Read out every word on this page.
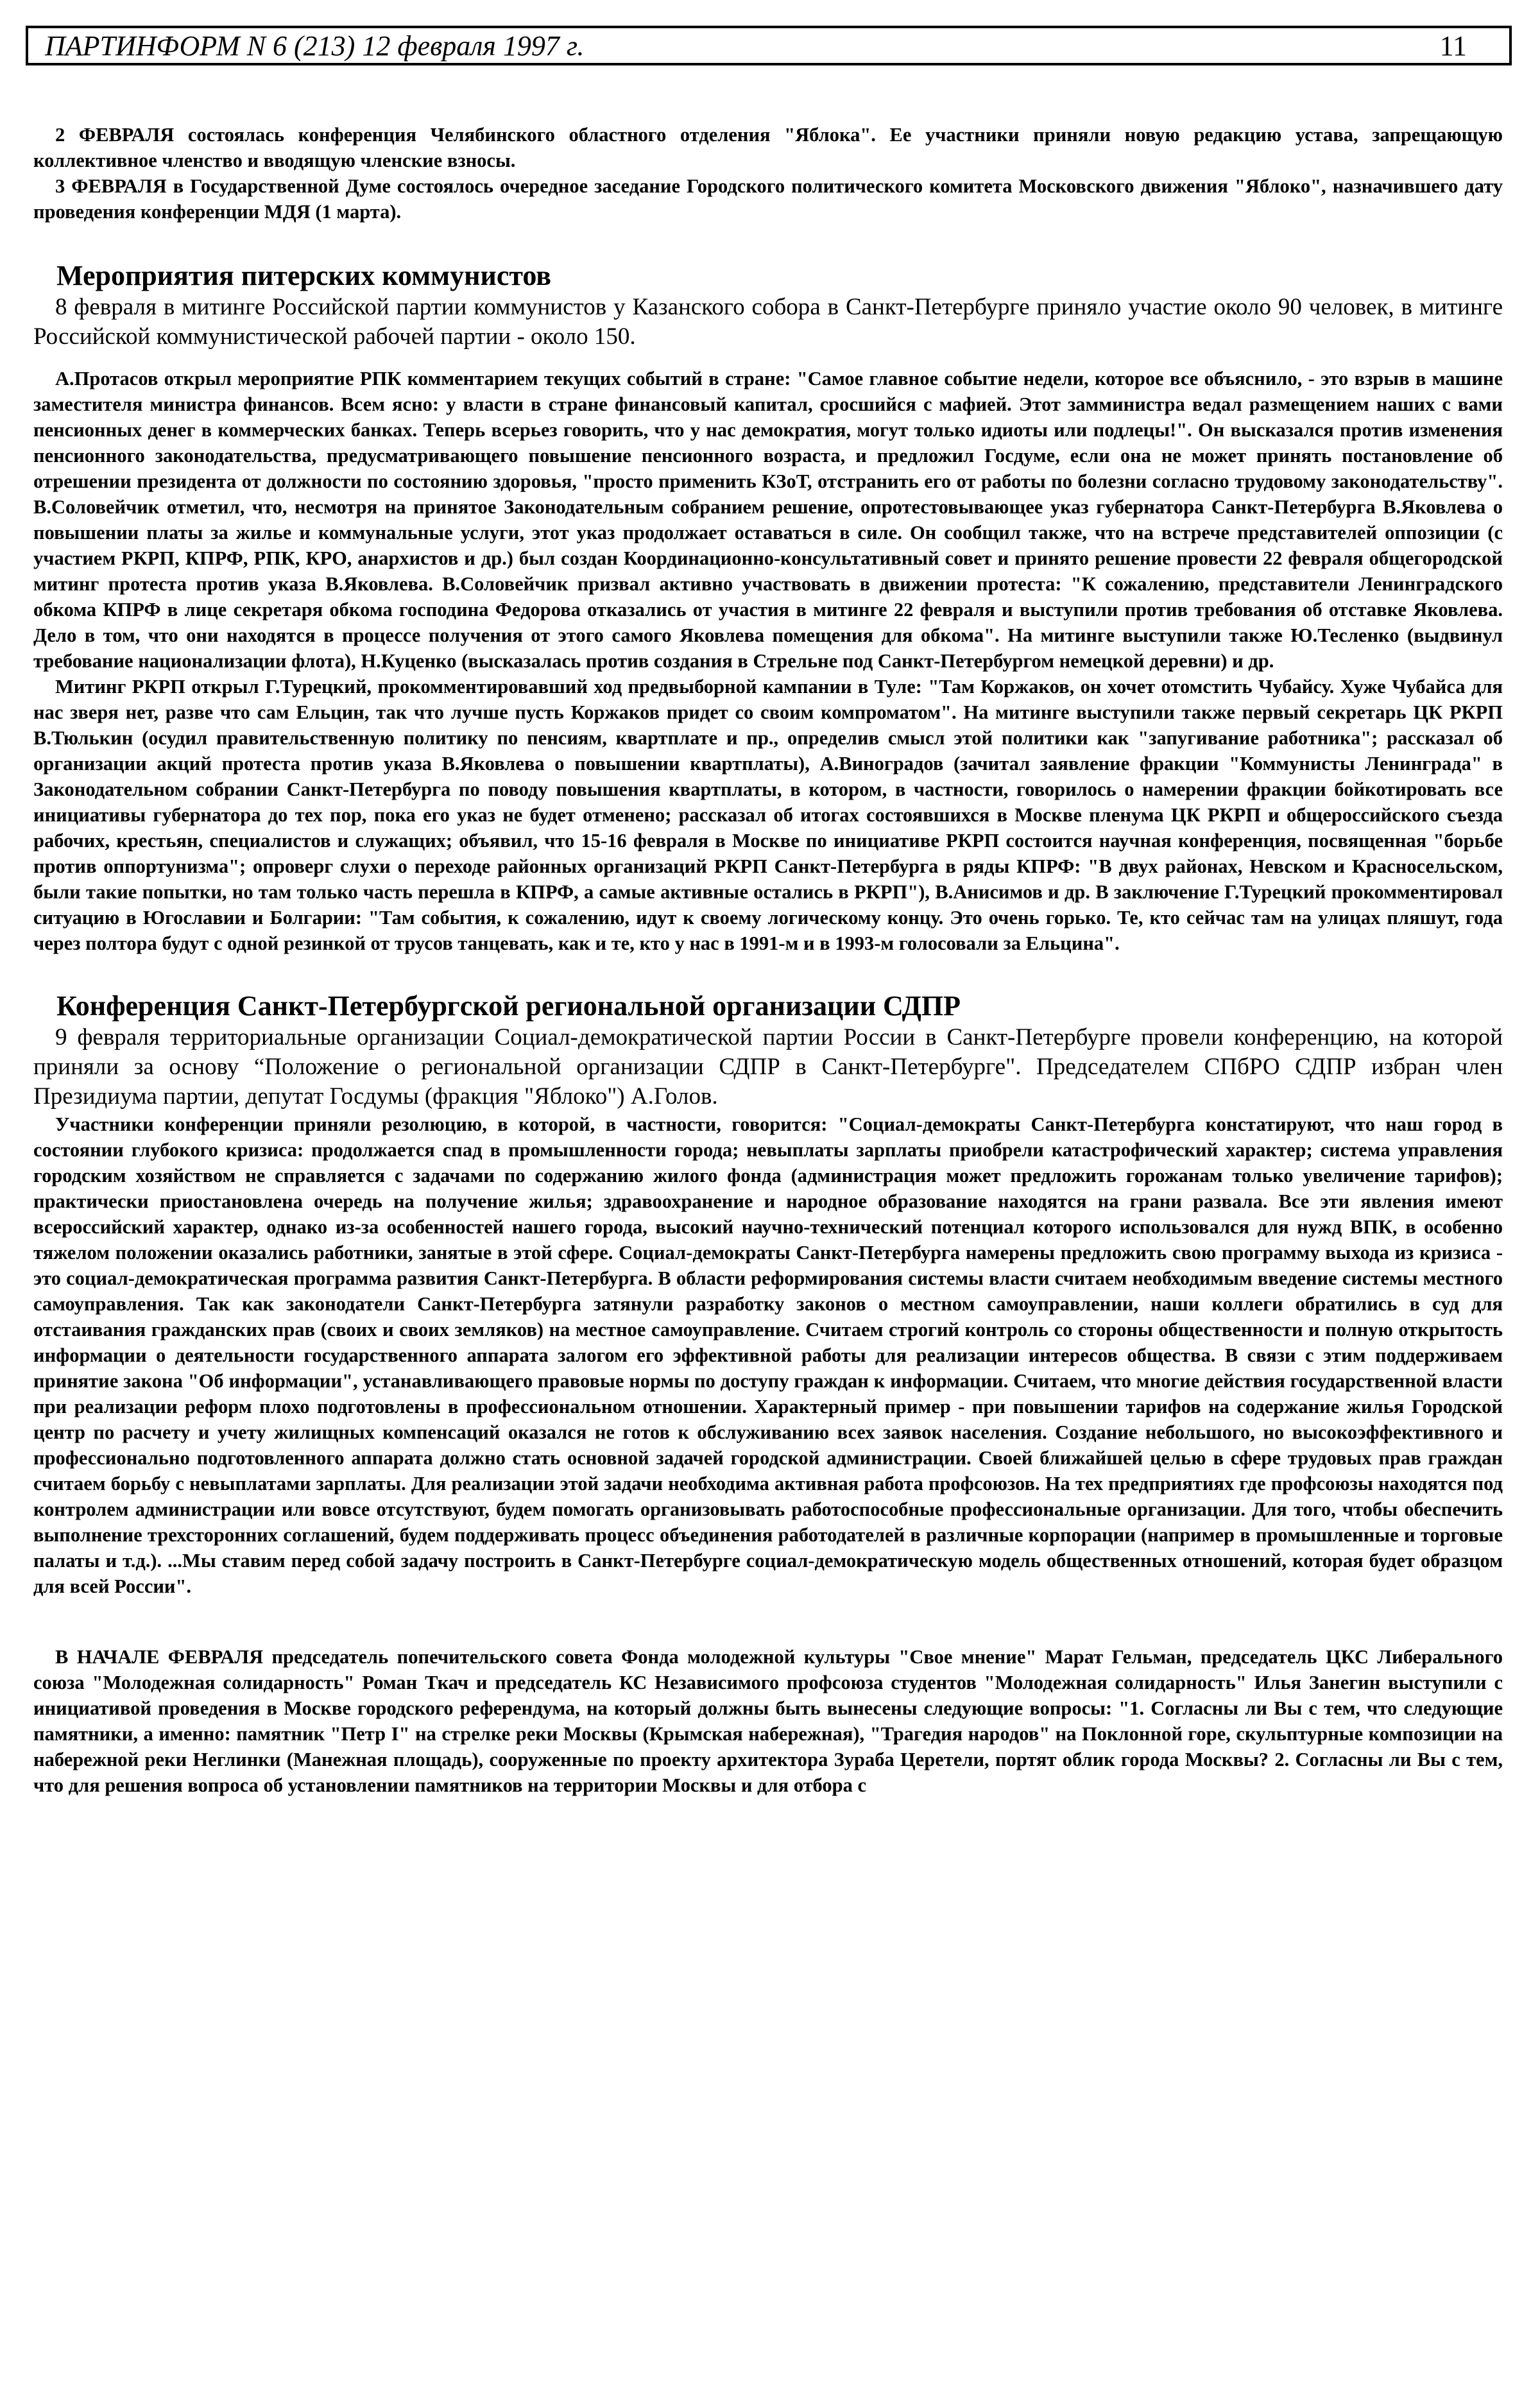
ПАРТИНФОРМ N 6 (213) 12 февраля 1997 г.	11

2 ФЕВРАЛЯ состоялась конференция Челябинского областного отделения "Яблока". Ее участники приняли новую редакцию устава, запрещающую коллективное членство и вводящую членские взносы.

3 ФЕВРАЛЯ в Государственной Думе состоялось очередное заседание Городского политического комитета Московского движения "Яблоко", назначившего дату проведения конференции МДЯ (1 марта).

Мероприятия питерских коммунистов

8 февраля в митинге Российской партии коммунистов у Казанского собора в Санкт-Петербурге приняло участие около 90 человек, в митинге Российской коммунистической рабочей партии - около 150.

А.Протасов открыл мероприятие РПК комментарием текущих событий в стране: "Самое главное событие недели, которое все объяснило, - это взрыв в машине заместителя министра финансов. Всем ясно: у власти в стране финансовый капитал, сросшийся с мафией. Этот замминистра ведал размещением наших с вами пенсионных денег в коммерческих банках. Теперь всерьез говорить, что у нас демократия, могут только идиоты или подлецы!". Он высказался против изменения пенсионного законодательства, предусматривающего повышение пенсионного возраста, и предложил Госдуме, если она не может принять постановление об отрешении президента от должности по состоянию здоровья, "просто применить КЗоТ, отстранить его от работы по болезни согласно трудовому законодательству". В.Соловейчик отметил, что, несмотря на принятое Законодательным собранием решение, опротестовывающее указ губернатора Санкт-Петербурга В.Яковлева о повышении платы за жилье и коммунальные услуги, этот указ продолжает оставаться в силе. Он сообщил также, что на встрече представителей оппозиции (с участием РКРП, КПРФ, РПК, КРО, анархистов и др.) был создан Координационно-консультативный совет и принято решение провести 22 февраля общегородской митинг протеста против указа В.Яковлева. В.Соловейчик призвал активно участвовать в движении протеста: "К сожалению, представители Ленинградского обкома КПРФ в лице секретаря обкома господина Федорова отказались от участия в митинге 22 февраля и выступили против требования об отставке Яковлева. Дело в том, что они находятся в процессе получения от этого самого Яковлева помещения для обкома". На митинге выступили также Ю.Тесленко (выдвинул требование национализации флота), Н.Куценко (высказалась против создания в Стрельне под Санкт-Петербургом немецкой деревни) и др.

Митинг РКРП открыл Г.Турецкий, прокомментировавший ход предвыборной кампании в Туле: "Там Коржаков, он хочет отомстить Чубайсу. Хуже Чубайса для нас зверя нет, разве что сам Ельцин, так что лучше пусть Коржаков придет со своим компроматом". На митинге выступили также первый секретарь ЦК РКРП В.Тюлькин (осудил правительственную политику по пенсиям, квартплате и пр., определив смысл этой политики как "запугивание работника"; рассказал об организации акций протеста против указа В.Яковлева о повышении квартплаты), А.Виноградов (зачитал заявление фракции "Коммунисты Ленинграда" в Законодательном собрании Санкт-Петербурга по поводу повышения квартплаты, в котором, в частности, говорилось о намерении фракции бойкотировать все инициативы губернатора до тех пор, пока его указ не будет отменено; рассказал об итогах состоявшихся в Москве пленума ЦК РКРП и общероссийского съезда рабочих, крестьян, специалистов и служащих; объявил, что 15-16 февраля в Москве по инициативе РКРП состоится научная конференция, посвященная "борьбе против оппортунизма"; опроверг слухи о переходе районных организаций РКРП Санкт-Петербурга в ряды КПРФ: "В двух районах, Невском и Красносельском, были такие попытки, но там только часть перешла в КПРФ, а самые активные остались в РКРП"), В.Анисимов и др. В заключение Г.Турецкий прокомментировал ситуацию в Югославии и Болгарии: "Там события, к сожалению, идут к своему логическому концу. Это очень горько. Те, кто сейчас там на улицах пляшут, года через полтора будут с одной резинкой от трусов танцевать, как и те, кто у нас в 1991-м и в 1993-м голосовали за Ельцина".

Конференция Санкт-Петербургской региональной организации СДПР

9 февраля территориальные организации Социал-демократической партии России в Санкт-Петербурге провели конференцию, на которой приняли за основу “Положение о региональной организации СДПР в Санкт-Петербурге". Председателем СПбРО СДПР избран член Президиума партии, депутат Госдумы (фракция "Яблоко") А.Голов.

Участники конференции приняли резолюцию, в которой, в частности, говорится: "Социал-демократы Санкт-Петербурга констатируют, что наш город в состоянии глубокого кризиса: продолжается спад в промышленности города; невыплаты зарплаты приобрели катастрофический характер; система управления городским хозяйством не справляется с задачами по содержанию жилого фонда (администрация может предложить горожанам только увеличение тарифов); практически приостановлена очередь на получение жилья; здравоохранение и народное образование находятся на грани развала. Все эти явления имеют всероссийский характер, однако из-за особенностей нашего города, высокий научно-технический потенциал которого использовался для нужд ВПК, в особенно тяжелом положении оказались работники, занятые в этой сфере. Социал-демократы Санкт-Петербурга намерены предложить свою программу выхода из кризиса - это социал-демократическая программа развития Санкт-Петербурга. В области реформирования системы власти считаем необходимым введение системы местного самоуправления. Так как законодатели Санкт-Петербурга затянули разработку законов о местном самоуправлении, наши коллеги обратились в суд для отстаивания гражданских прав (своих и своих земляков) на местное самоуправление. Считаем строгий контроль со стороны общественности и полную открытость информации о деятельности государственного аппарата залогом его эффективной работы для реализации интересов общества. В связи с этим поддерживаем принятие закона "Об информации", устанавливающего правовые нормы по доступу граждан к информации. Считаем, что многие действия государственной власти при реализации реформ плохо подготовлены в профессиональном отношении. Характерный пример - при повышении тарифов на содержание жилья Городской центр по расчету и учету жилищных компенсаций оказался не готов к обслуживанию всех заявок населения. Создание небольшого, но высокоэффективного и профессионально подготовленного аппарата должно стать основной задачей городской администрации. Своей ближайшей целью в сфере трудовых прав граждан считаем борьбу с невыплатами зарплаты. Для реализации этой задачи необходима активная работа профсоюзов. На тех предприятиях где профсоюзы находятся под контролем администрации или вовсе отсутствуют, будем помогать организовывать работоспособные профессиональные организации. Для того, чтобы обеспечить выполнение трехсторонних соглашений, будем поддерживать процесс объединения работодателей в различные корпорации (например в промышленные и торговые палаты и т.д.). ...Мы ставим перед собой задачу построить в Санкт-Петербурге социал-демократическую модель общественных отношений, которая будет образцом для всей России".

В НАЧАЛЕ ФЕВРАЛЯ председатель попечительского совета Фонда молодежной культуры "Свое мнение" Марат Гельман, председатель ЦКС Либерального союза "Молодежная солидарность" Роман Ткач и председатель КС Независимого профсоюза студентов "Молодежная солидарность" Илья Занегин выступили с инициативой проведения в Москве городского референдума, на который должны быть вынесены следующие вопросы: "1. Согласны ли Вы с тем, что следующие памятники, а именно: памятник "Петр I" на стрелке реки Москвы (Крымская набережная), "Трагедия народов" на Поклонной горе, скульптурные композиции на набережной реки Неглинки (Манежная площадь), сооруженные по проекту архитектора Зураба Церетели, портят облик города Москвы? 2. Согласны ли Вы с тем, что для решения вопроса об установлении памятников на территории Москвы и для отбора с
